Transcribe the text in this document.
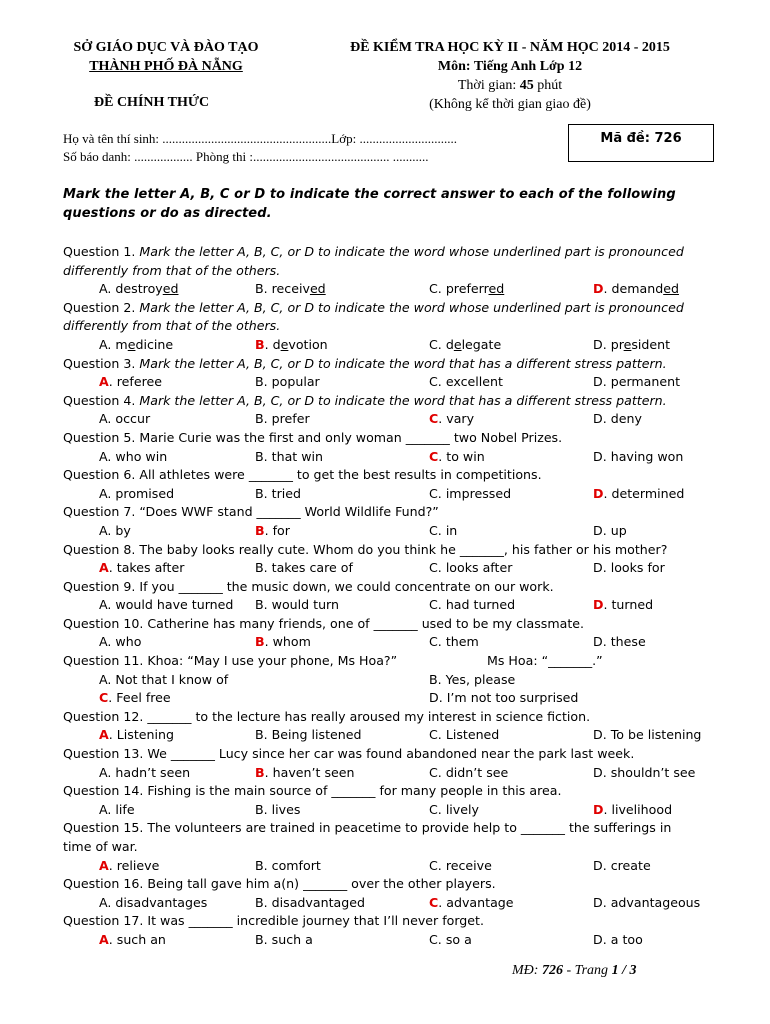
SỞ GIÁO DỤC VÀ ĐÀO TẠO
THÀNH PHỐ ĐÀ NẴNG
ĐỀ CHÍNH THỨC
ĐỀ KIỂM TRA HỌC KỲ II - NĂM HỌC 2014 - 2015
Môn: Tiếng Anh Lớp 12
Thời gian: 45 phút
(Không kể thời gian giao đề)
Mã đề: 726
Họ và tên thí sinh: ....................................................Lớp: ..............................
Số báo danh: .................. Phòng thi :.......................................... ...........
Mark the letter A, B, C or D to indicate the correct answer to each of the following questions or do as directed.
Question 1. Mark the letter A, B, C, or D to indicate the word whose underlined part is pronounced differently from that of the others.
A. destroyed	B. received	C. preferred	D. demanded
Question 2. Mark the letter A, B, C, or D to indicate the word whose underlined part is pronounced differently from that of the others.
A. medicine	B. devotion	C. delegate	D. president
Question 3. Mark the letter A, B, C, or D to indicate the word that has a different stress pattern.
A. referee	B. popular	C. excellent	D. permanent
Question 4. Mark the letter A, B, C, or D to indicate the word that has a different stress pattern.
A. occur	B. prefer	C. vary	D. deny
Question 5. Marie Curie was the first and only woman _______ two Nobel Prizes.
A. who win	B. that win	C. to win	D. having won
Question 6. All athletes were _______ to get the best results in competitions.
A. promised	B. tried	C. impressed	D. determined
Question 7. “Does WWF stand _______ World Wildlife Fund?”
A. by	B. for	C. in	D. up
Question 8. The baby looks really cute. Whom do you think he _______, his father or his mother?
A. takes after	B. takes care of	C. looks after	D. looks for
Question 9. If you _______ the music down, we could concentrate on our work.
A. would have turned B. would turn	C. had turned	D. turned
Question 10. Catherine has many friends, one of _______ used to be my classmate.
A. who	B. whom	C. them	D. these
Question 11. Khoa: “May I use your phone, Ms Hoa?”	Ms Hoa: “_______.”
A. Not that I know of	B. Yes, please
C. Feel free	D. I’m not too surprised
Question 12. _______ to the lecture has really aroused my interest in science fiction.
A. Listening	B. Being listened	C. Listened	D. To be listening
Question 13. We _______ Lucy since her car was found abandoned near the park last week.
A. hadn’t seen	B. haven’t seen	C. didn’t see	D. shouldn’t see
Question 14. Fishing is the main source of _______ for many people in this area.
A. life	B. lives	C. lively	D. livelihood
Question 15. The volunteers are trained in peacetime to provide help to _______ the sufferings in time of war.
A. relieve	B. comfort	C. receive	D. create
Question 16. Being tall gave him a(n) _______ over the other players.
A. disadvantages	B. disadvantaged	C. advantage	D. advantageous
Question 17. It was _______ incredible journey that I’ll never forget.
A. such an	B. such a	C. so a	D. a too
MĐ: 726 - Trang 1 / 3
